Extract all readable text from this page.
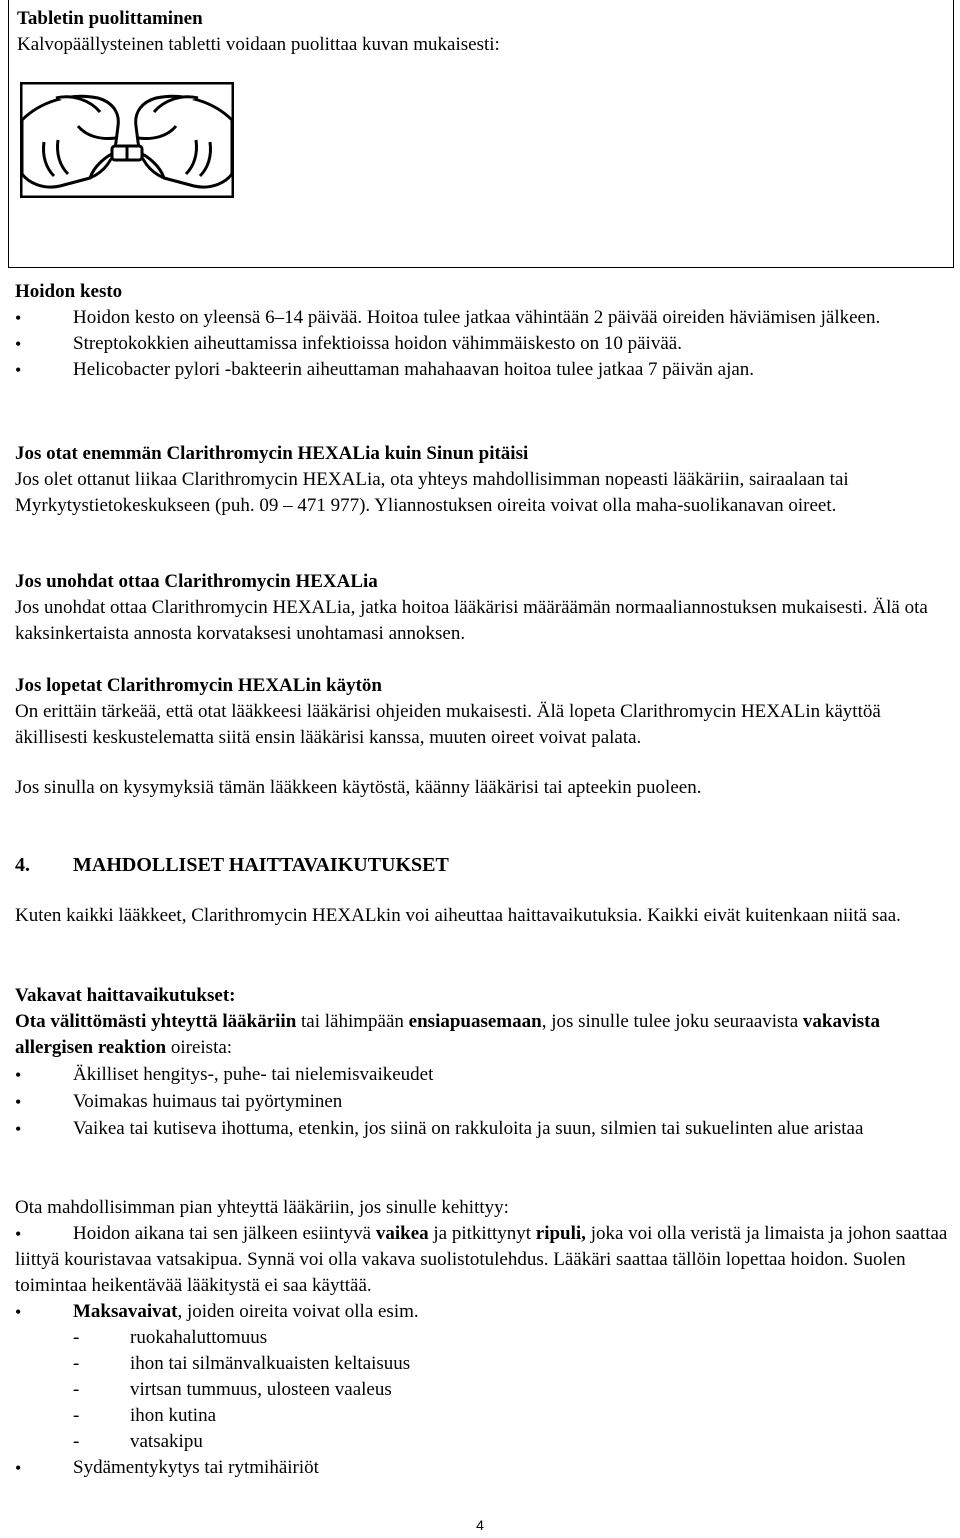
Tabletin puolittaminen
Kalvopäällysteinen tabletti voidaan puolittaa kuvan mukaisesti:

Hoidon kesto

• Hoidon kesto on yleensä 6–14 päivää. Hoitoa tulee jatkaa vähintään 2 päivää oireiden häviämisen jälkeen.
• Streptokokkien aiheuttamissa infektioissa hoidon vähimmäiskesto on 10 päivää.
• Helicobacter pylori -bakteerin aiheuttaman mahahaavan hoitoa tulee jatkaa 7 päivän ajan.

Jos otat enemmän Clarithromycin HEXALia kuin Sinun pitäisi

Jos olet ottanut liikaa Clarithromycin HEXALia, ota yhteys mahdollisimman nopeasti lääkäriin, sairaalaan tai Myrkytystietokeskukseen (puh. 09 – 471 977). Yliannostuksen oireita voivat olla maha-suolikanavan oireet.

Jos unohdat ottaa Clarithromycin HEXALia

Jos unohdat ottaa Clarithromycin HEXALia, jatka hoitoa lääkärisi määräämän normaaliannostuksen mukaisesti. Älä ota kaksinkertaista annosta korvataksesi unohtamasi annoksen.

Jos lopetat Clarithromycin HEXALin käytön

On erittäin tärkeää, että otat lääkkeesi lääkärisi ohjeiden mukaisesti. Älä lopeta Clarithromycin HEXALin käyttöä äkillisesti keskustelematta siitä ensin lääkärisi kanssa, muuten oireet voivat palata.

Jos sinulla on kysymyksiä tämän lääkkeen käytöstä, käänny lääkärisi tai apteekin puoleen.

4.	MAHDOLLISET HAITTAVAIKUTUKSET

Kuten kaikki lääkkeet, Clarithromycin HEXALkin voi aiheuttaa haittavaikutuksia. Kaikki eivät kuitenkaan niitä saa.

Vakavat haittavaikutukset:

Ota välittömästi yhteyttä lääkäriin tai lähimpään ensiapuasemaan, jos sinulle tulee joku seuraavista vakavista allergisen reaktion oireista:

• Äkilliset hengitys-, puhe- tai nielemisvaikeudet
• Voimakas huimaus tai pyörtyminen
• Vaikea tai kutiseva ihottuma, etenkin, jos siinä on rakkuloita ja suun, silmien tai sukuelinten alue aristaa

Ota mahdollisimman pian yhteyttä lääkäriin, jos sinulle kehittyy:

• Hoidon aikana tai sen jälkeen esiintyvä vaikea ja pitkittynyt ripuli, joka voi olla veristä ja limaista ja johon saattaa liittyä kouristavaa vatsakipua. Synnä voi olla vakava suolistotulehdus. Lääkäri saattaa tällöin lopettaa hoidon. Suolen toimintaa heikentävää lääkitystä ei saa käyttää.
• Maksavaivat, joiden oireita voivat olla esim.
- ruokahaluttomuus
- ihon tai silmänvalkuaisten keltaisuus
- virtsan tummuus, ulosteen vaaleus
- ihon kutina
- vatsakipu
• Sydämentykytys tai rytmihäiriöt
4
